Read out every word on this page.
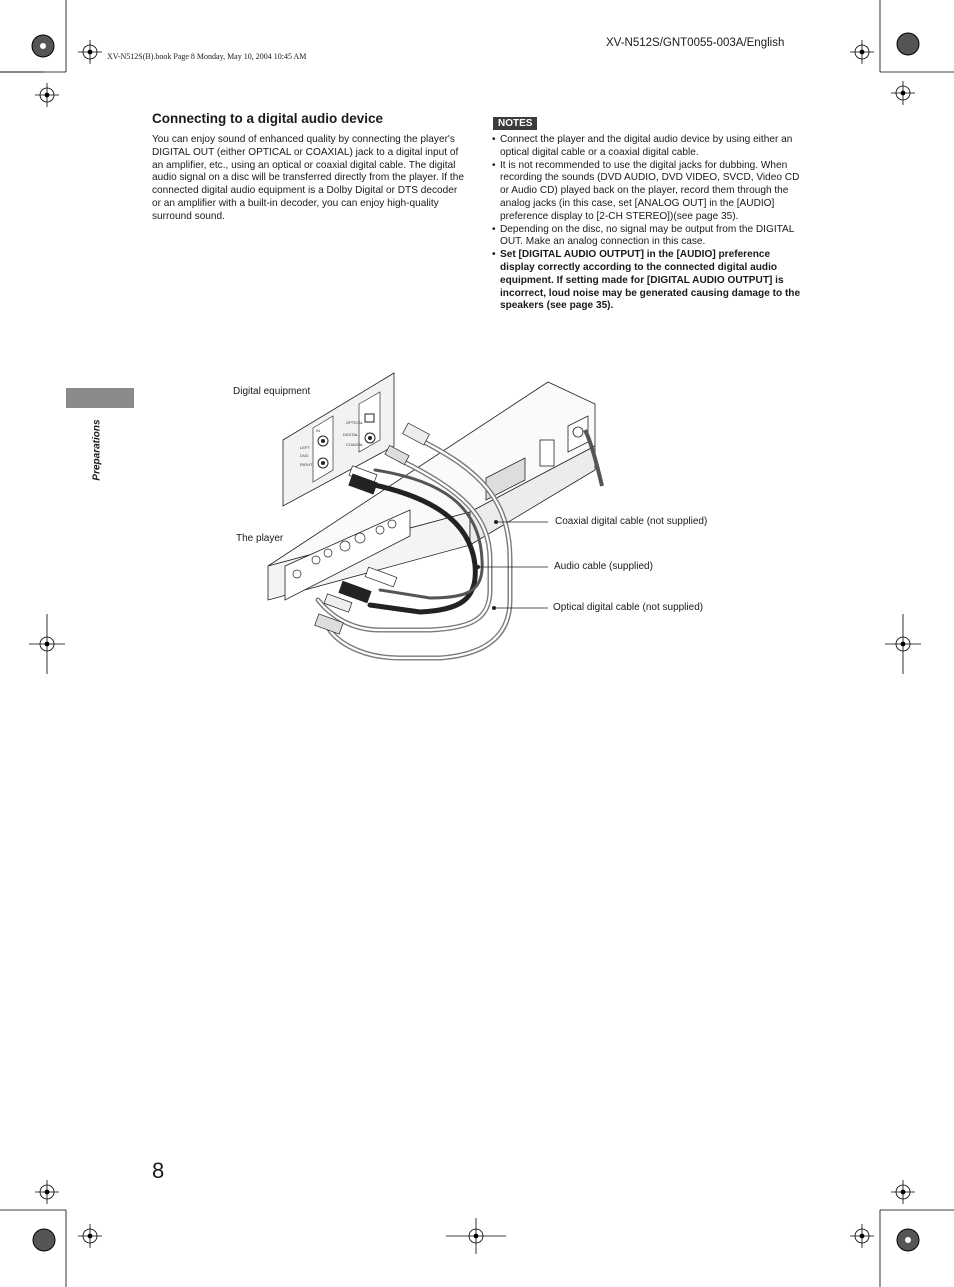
XV-N512S/GNT0055-003A/English
XV-N512S(B).book Page 8 Monday, May 10, 2004 10:45 AM
Connecting to a digital audio device

You can enjoy sound of enhanced quality by connecting the player's DIGITAL OUT (either OPTICAL or COAXIAL) jack to a digital input of an amplifier, etc., using an optical or coaxial digital cable. The digital audio signal on a disc will be transferred directly from the player. If the connected digital audio equipment is a Dolby Digital or DTS decoder or an amplifier with a built-in decoder, you can enjoy high-quality surround sound.

NOTES
• Connect the player and the digital audio device by using either an optical digital cable or a coaxial digital cable.
• It is not recommended to use the digital jacks for dubbing. When recording the sounds (DVD AUDIO, DVD VIDEO, SVCD, Video CD or Audio CD) played back on the player, record them through the analog jacks (in this case, set [ANALOG OUT] in the [AUDIO] preference display to [2-CH STEREO])(see page 35).
• Depending on the disc, no signal may be output from the DIGITAL OUT. Make an analog connection in this case.
• Set [DIGITAL AUDIO OUTPUT] in the [AUDIO] preference display correctly according to the connected digital audio equipment. If setting made for [DIGITAL AUDIO OUTPUT] is incorrect, loud noise may be generated causing damage to the speakers (see page 35).
Preparations	IN
LEFT
DVD
RIGHT
OPTICAL
DIGITAL
COAXIAL
Digital equipment
The player
Coaxial digital cable (not supplied)
Audio cable (supplied)
Optical digital cable (not supplied)
8
